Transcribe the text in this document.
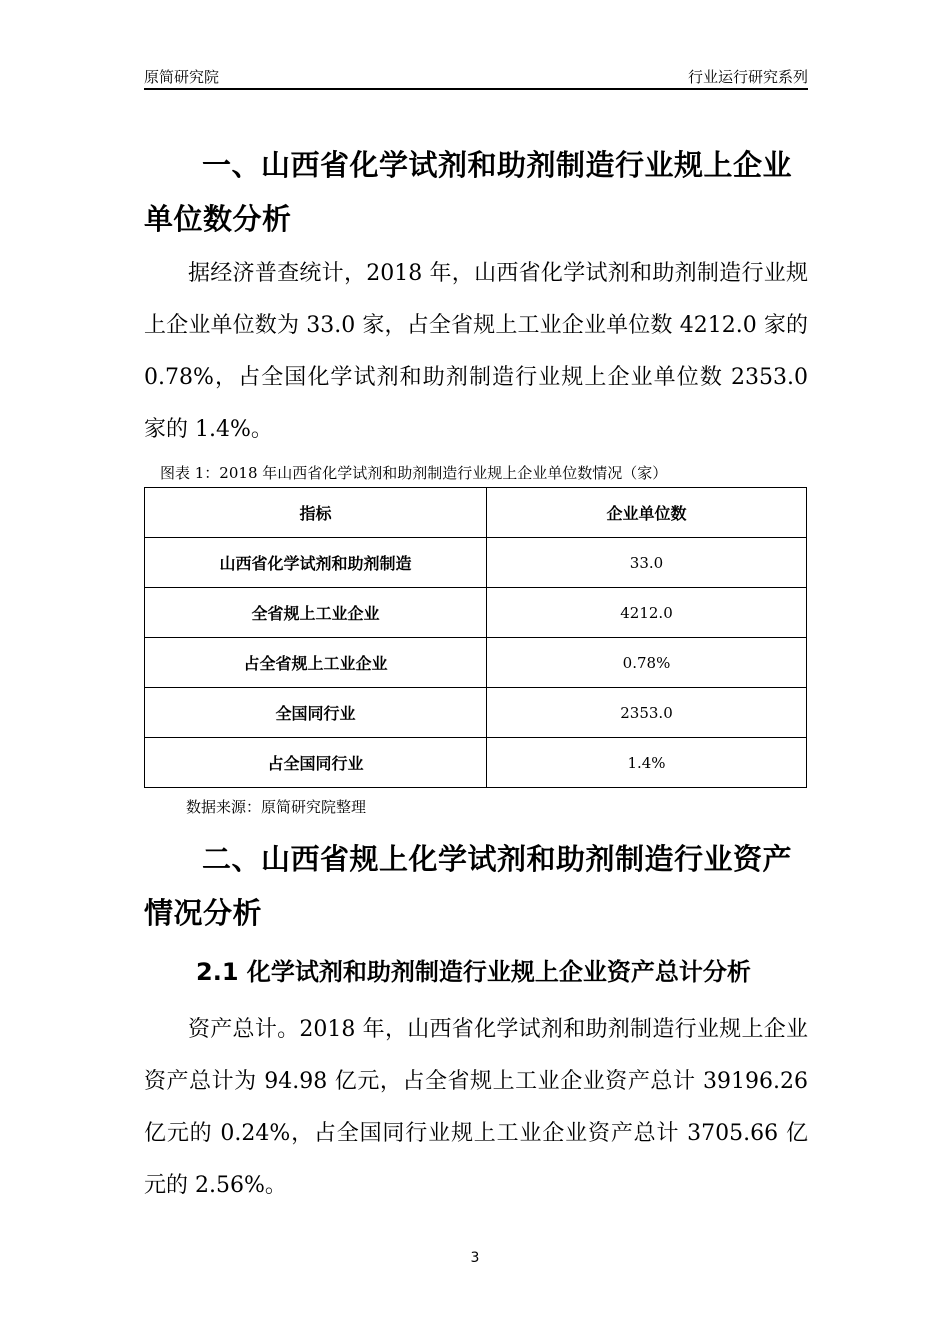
原简研究院	行业运行研究系列
一、山西省化学试剂和助剂制造行业规上企业单位数分析
据经济普查统计，2018 年，山西省化学试剂和助剂制造行业规上企业单位数为 33.0 家，占全省规上工业企业单位数 4212.0 家的 0.78%，占全国化学试剂和助剂制造行业规上企业单位数 2353.0 家的 1.4%。
图表 1：2018 年山西省化学试剂和助剂制造行业规上企业单位数情况（家）
指标	企业单位数
山西省化学试剂和助剂制造	33.0
全省规上工业企业	4212.0
占全省规上工业企业	0.78%
全国同行业	2353.0
占全国同行业	1.4%
数据来源：原简研究院整理
二、山西省规上化学试剂和助剂制造行业资产情况分析
2.1 化学试剂和助剂制造行业规上企业资产总计分析
资产总计。2018 年，山西省化学试剂和助剂制造行业规上企业资产总计为 94.98 亿元，占全省规上工业企业资产总计 39196.26 亿元的 0.24%，占全国同行业规上工业企业资产总计 3705.66 亿元的 2.56%。
3
